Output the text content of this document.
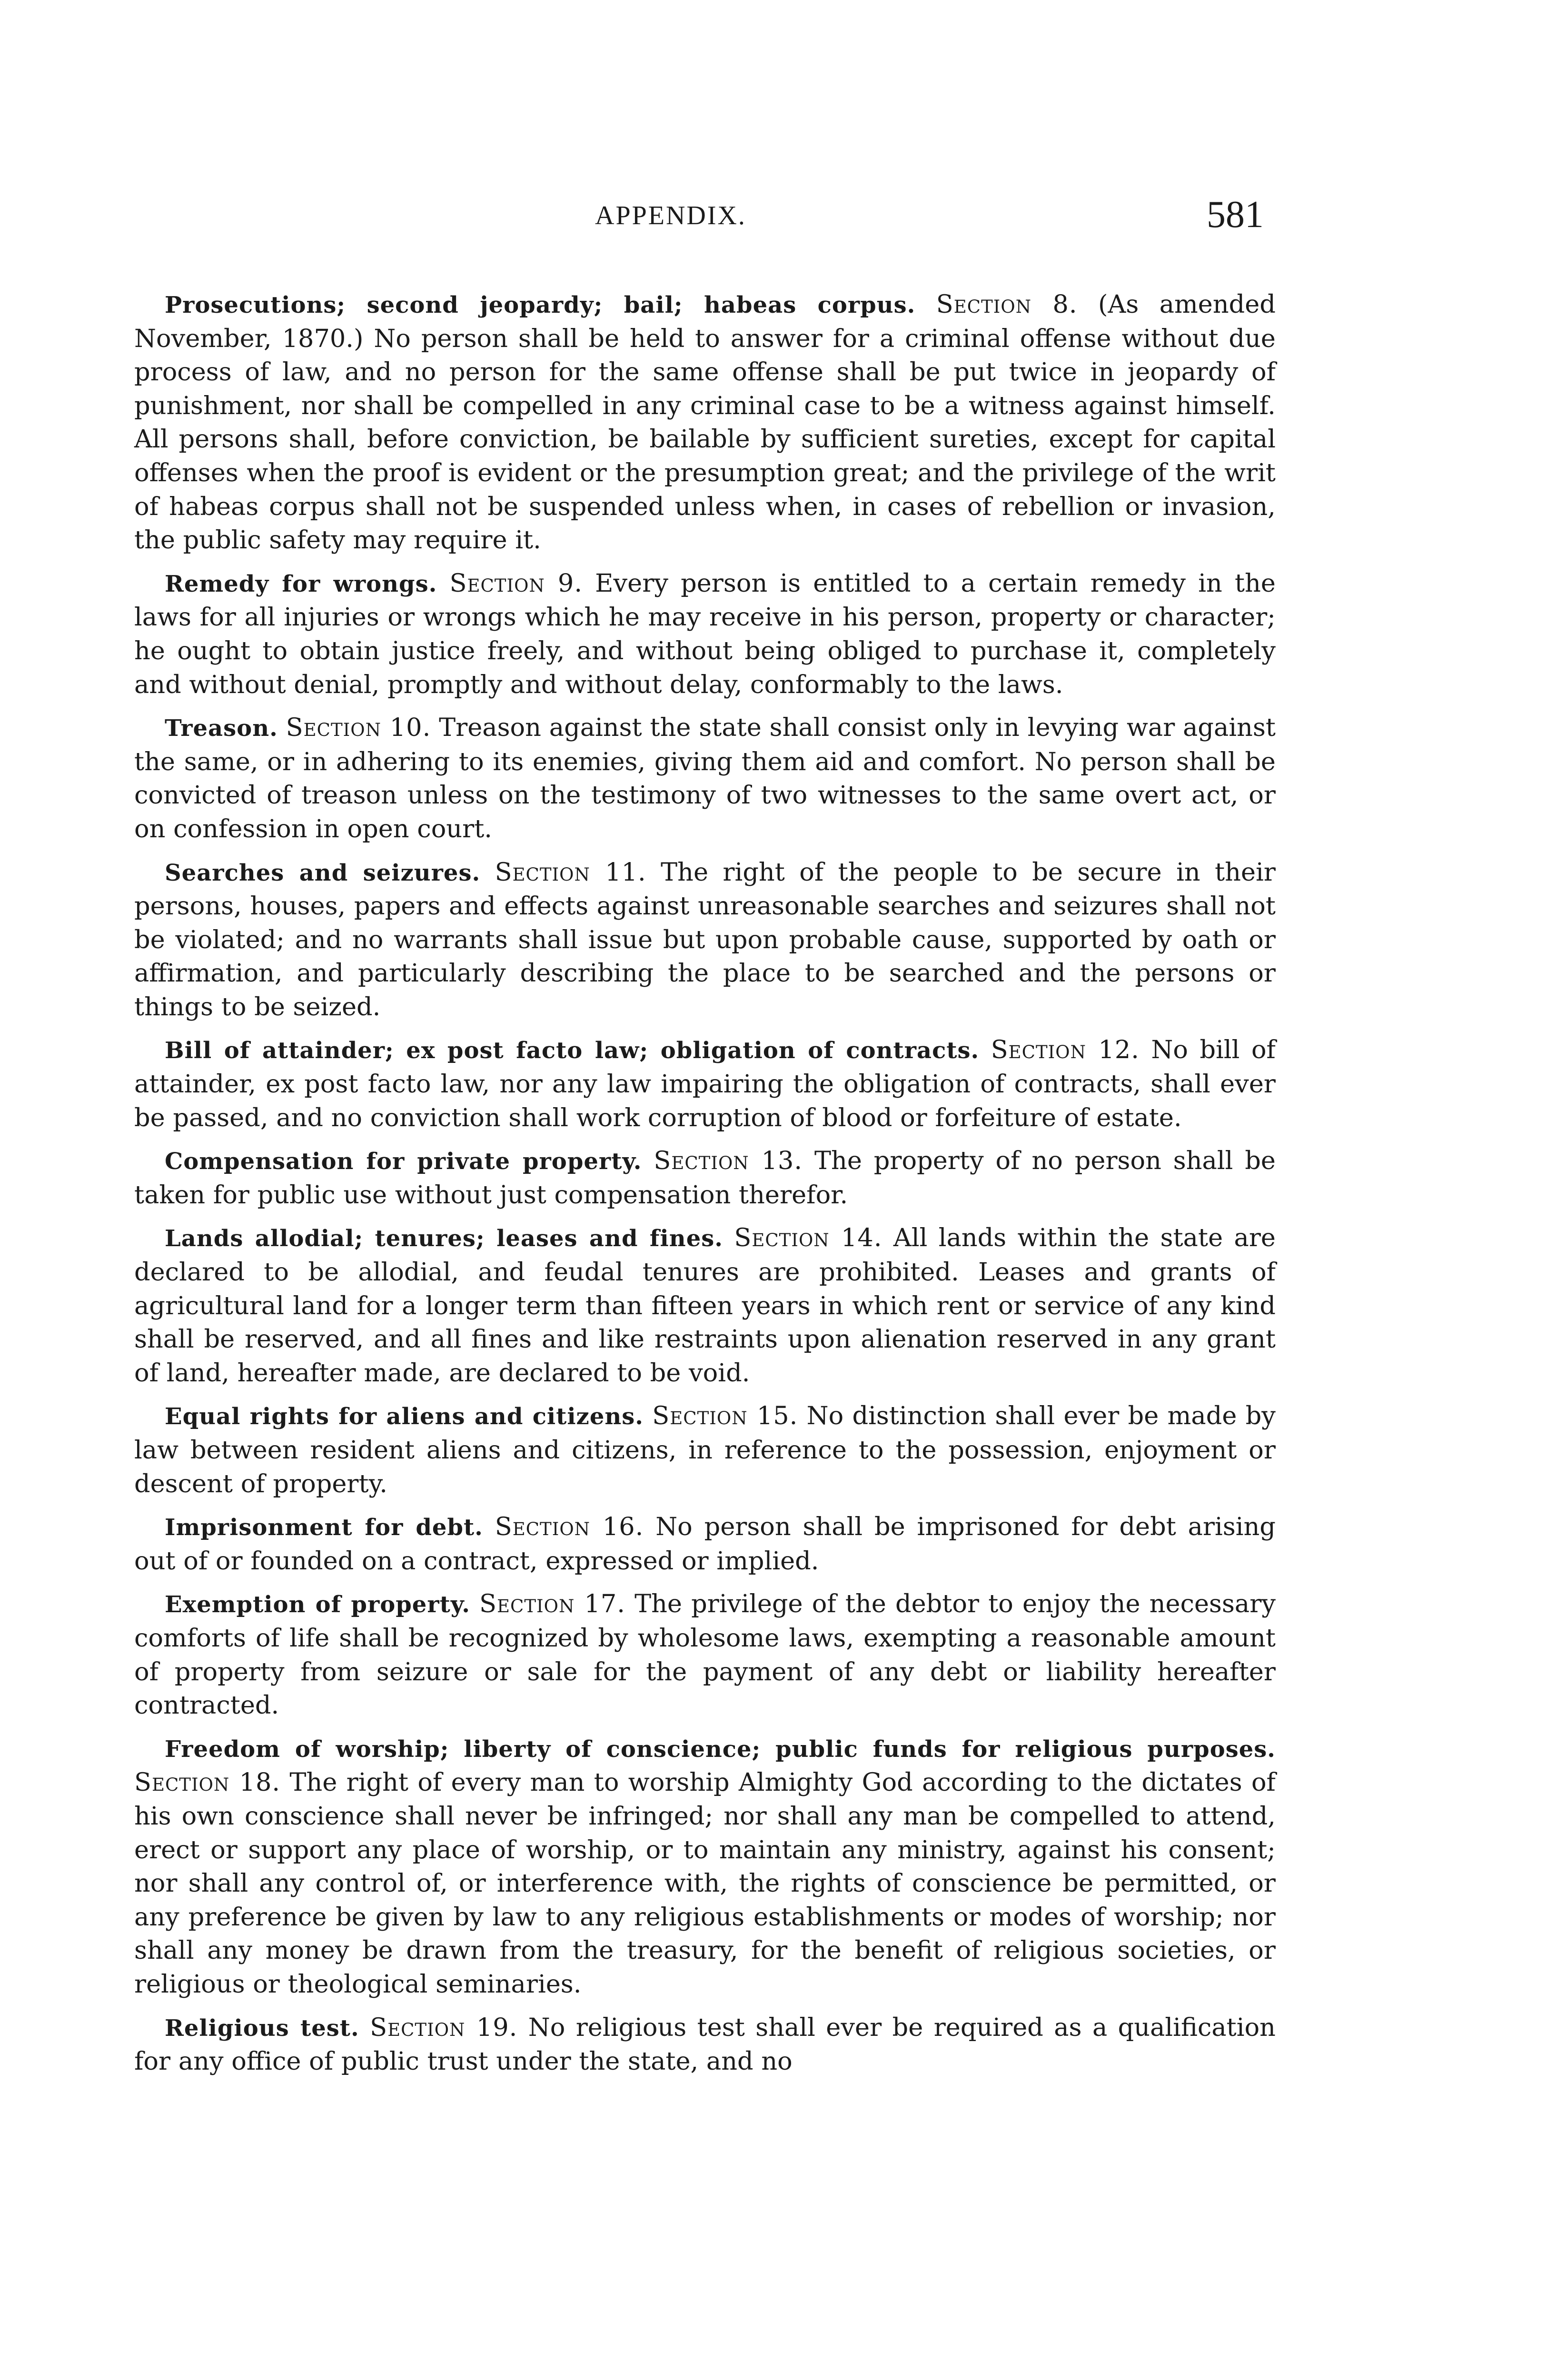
APPENDIX.	581

Prosecutions; second jeopardy; bail; habeas corpus. Section 8. (As amended November, 1870.) No person shall be held to answer for a criminal offense without due process of law, and no person for the same offense shall be put twice in jeopardy of punishment, nor shall be compelled in any criminal case to be a witness against himself. All persons shall, before conviction, be bailable by sufficient sureties, except for capital offenses when the proof is evident or the presumption great; and the privilege of the writ of habeas corpus shall not be suspended unless when, in cases of rebellion or invasion, the public safety may require it.

Remedy for wrongs. Section 9. Every person is entitled to a certain remedy in the laws for all injuries or wrongs which he may receive in his person, property or character; he ought to obtain justice freely, and without being obliged to purchase it, completely and without denial, promptly and without delay, conformably to the laws.

Treason. Section 10. Treason against the state shall consist only in levying war against the same, or in adhering to its enemies, giving them aid and comfort. No person shall be convicted of treason unless on the testimony of two witnesses to the same overt act, or on confession in open court.

Searches and seizures. Section 11. The right of the people to be secure in their persons, houses, papers and effects against unreasonable searches and seizures shall not be violated; and no warrants shall issue but upon probable cause, supported by oath or affirmation, and particularly describing the place to be searched and the persons or things to be seized.

Bill of attainder; ex post facto law; obligation of contracts. Section 12. No bill of attainder, ex post facto law, nor any law impairing the obligation of contracts, shall ever be passed, and no conviction shall work corruption of blood or forfeiture of estate.

Compensation for private property. Section 13. The property of no person shall be taken for public use without just compensation therefor.

Lands allodial; tenures; leases and fines. Section 14. All lands within the state are declared to be allodial, and feudal tenures are prohibited. Leases and grants of agricultural land for a longer term than fifteen years in which rent or service of any kind shall be reserved, and all fines and like restraints upon alienation reserved in any grant of land, hereafter made, are declared to be void.

Equal rights for aliens and citizens. Section 15. No distinction shall ever be made by law between resident aliens and citizens, in reference to the possession, enjoyment or descent of property.

Imprisonment for debt. Section 16. No person shall be imprisoned for debt arising out of or founded on a contract, expressed or implied.

Exemption of property. Section 17. The privilege of the debtor to enjoy the necessary comforts of life shall be recognized by wholesome laws, exempting a reasonable amount of property from seizure or sale for the payment of any debt or liability hereafter contracted.

Freedom of worship; liberty of conscience; public funds for religious purposes. Section 18. The right of every man to worship Almighty God according to the dictates of his own conscience shall never be infringed; nor shall any man be compelled to attend, erect or support any place of worship, or to maintain any ministry, against his consent; nor shall any control of, or interference with, the rights of conscience be permitted, or any preference be given by law to any religious establishments or modes of worship; nor shall any money be drawn from the treasury, for the benefit of religious societies, or religious or theological seminaries.

Religious test. Section 19. No religious test shall ever be required as a qualification for any office of public trust under the state, and no
